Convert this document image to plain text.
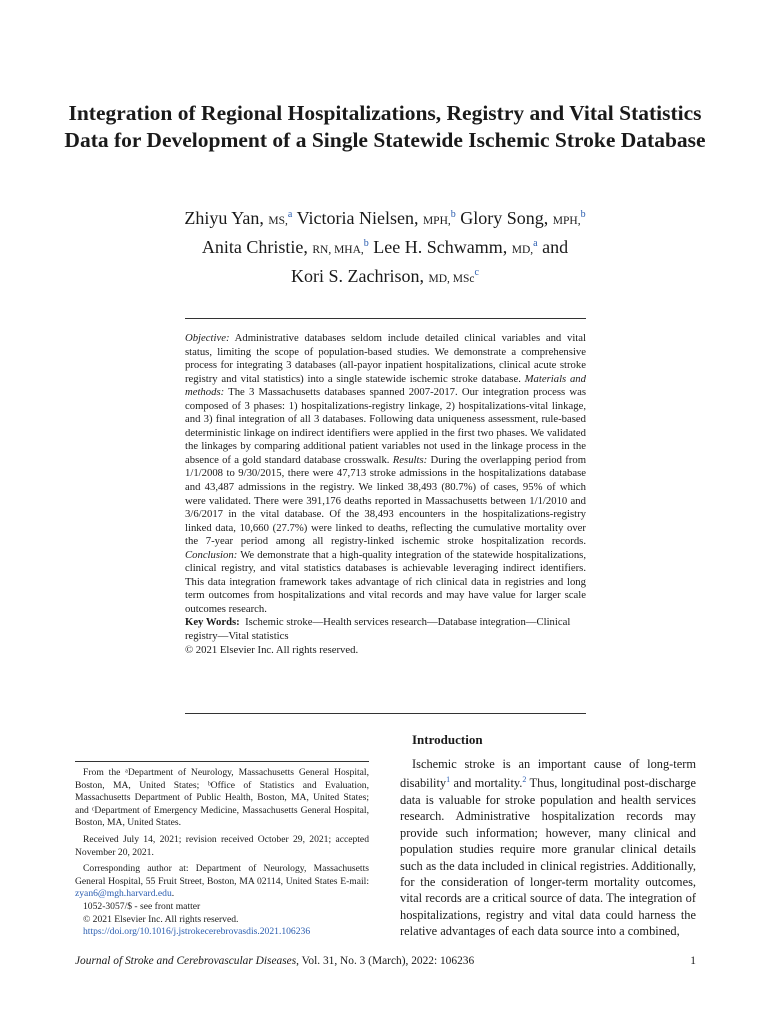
Integration of Regional Hospitalizations, Registry and Vital Statistics Data for Development of a Single Statewide Ischemic Stroke Database
Zhiyu Yan, MS,$^a$ Victoria Nielsen, MPH,$^b$ Glory Song, MPH,$^b$
Anita Christie, RN, MHA,$^b$ Lee H. Schwamm, MD,$^a$ and
Kori S. Zachrison, MD, MSc$^c$

Objective: Administrative databases seldom include detailed clinical variables and vital status, limiting the scope of population-based studies. We demonstrate a comprehensive process for integrating 3 databases (all-payor inpatient hospitalizations, clinical acute stroke registry and vital statistics) into a single statewide ischemic stroke database. Materials and methods: The 3 Massachusetts databases spanned 2007-2017. Our integration process was composed of 3 phases: 1) hospitalizations-registry linkage, 2) hospitalizations-vital linkage, and 3) final integration of all 3 databases. Following data uniqueness assessment, rule-based deterministic linkage on indirect identifiers were applied in the first two phases. We validated the linkages by comparing additional patient variables not used in the linkage process in the absence of a gold standard database crosswalk. Results: During the overlapping period from 1/1/2008 to 9/30/2015, there were 47,713 stroke admissions in the hospitalizations database and 43,487 admissions in the registry. We linked 38,493 (80.7%) of cases, 95% of which were validated. There were 391,176 deaths reported in Massachusetts between 1/1/2010 and 3/6/2017 in the vital database. Of the 38,493 encounters in the hospitalizations-registry linked data, 10,660 (27.7%) were linked to deaths, reflecting the cumulative mortality over the 7-year period among all registry-linked ischemic stroke hospitalization records. Conclusion: We demonstrate that a high-quality integration of the statewide hospitalizations, clinical registry, and vital statistics databases is achievable leveraging indirect identifiers. This data integration framework takes advantage of rich clinical data in registries and long term outcomes from hospitalizations and vital records and may have value for larger scale outcomes research.

Key Words: Ischemic stroke—Health services research—Database integration—Clinical registry—Vital statistics

© 2021 Elsevier Inc. All rights reserved.

From the ᵃDepartment of Neurology, Massachusetts General Hospital, Boston, MA, United States; ᵇOffice of Statistics and Evaluation, Massachusetts Department of Public Health, Boston, MA, United States; and ᶜDepartment of Emergency Medicine, Massachusetts General Hospital, Boston, MA, United States.

Received July 14, 2021; revision received October 29, 2021; accepted November 20, 2021.

Corresponding author at: Department of Neurology, Massachusetts General Hospital, 55 Fruit Street, Boston, MA 02114, United States E-mail: zyan6@mgh.harvard.edu.

1052-3057/$ - see front matter

© 2021 Elsevier Inc. All rights reserved.

https://doi.org/10.1016/j.jstrokecerebrovasdis.2021.106236

Introduction

Ischemic stroke is an important cause of long-term disability$^1$ and mortality.$^2$ Thus, longitudinal post-discharge data is valuable for stroke population and health services research. Administrative hospitalization records may provide such information; however, many clinical and population studies require more granular clinical details such as the data included in clinical registries. Additionally, for the consideration of longer-term mortality outcomes, vital records are a critical source of data. The integration of hospitalizations, registry and vital data could harness the relative advantages of each data source into a combined,

Journal of Stroke and Cerebrovascular Diseases, Vol. 31, No. 3 (March), 2022: 106236	1
